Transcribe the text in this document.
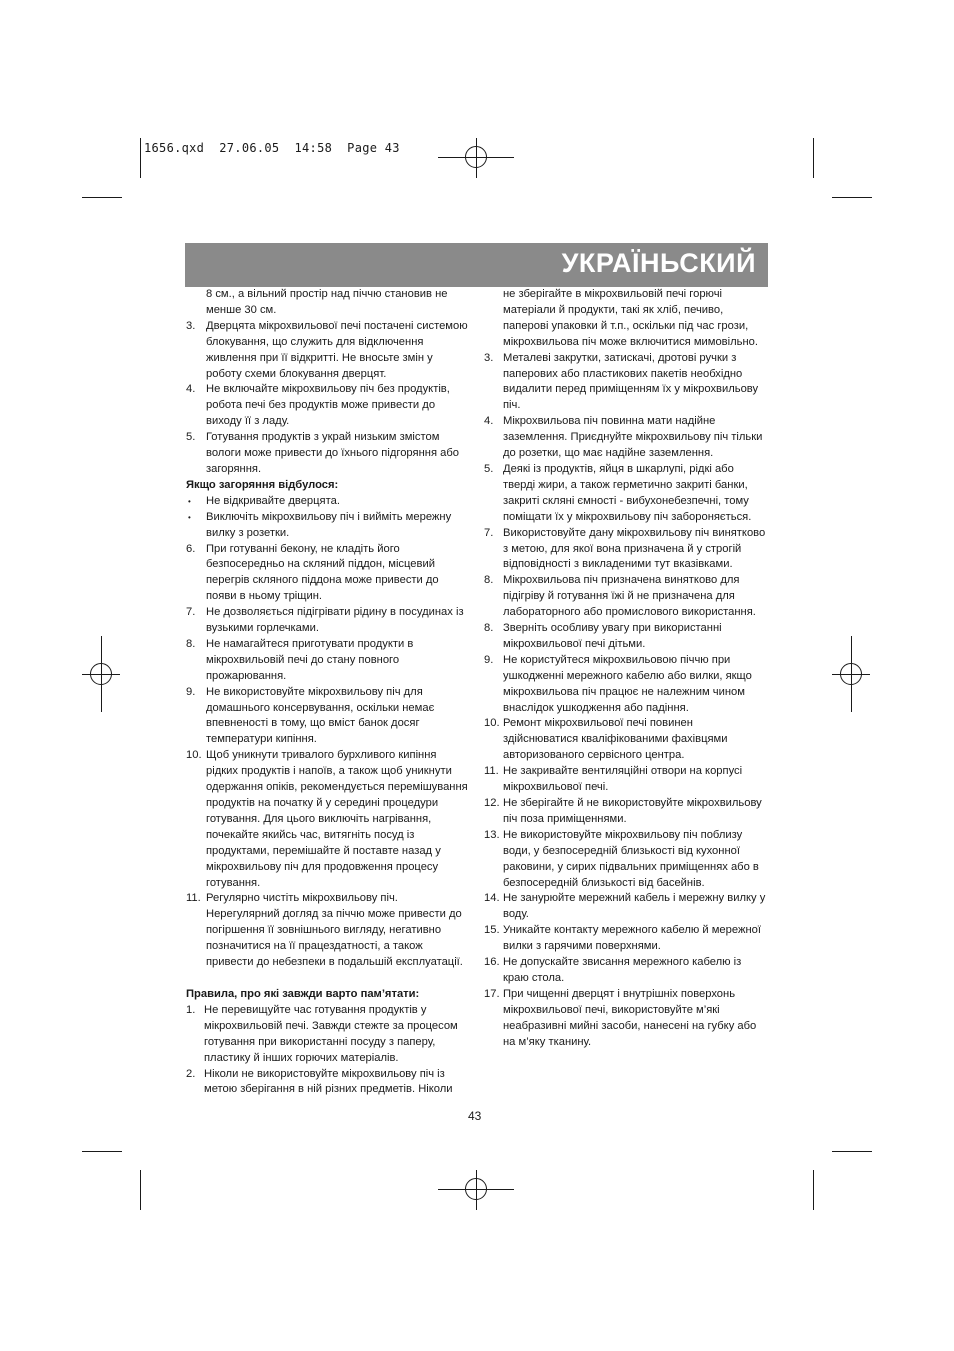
1656.qxd  27.06.05  14:58  Page 43
УКРАЇНЬСКИЙ

8 см., а вільний простір над піччю становив не менше 30 см.

3. Дверцята мікрохвильової печі постачені системою блокування, що служить для відключення живлення при її відкритті. Не вносьте змін у роботу схеми блокування дверцят.
4. Не включайте мікрохвильову піч без продуктів, робота печі без продуктів може привести до виходу її з ладу.
5. Готування продуктів з украй низьким змістом вологи може привести до їхнього підгоряння або загоряння.

Якщо загоряння відбулося:

• Не відкривайте дверцята.
• Виключіть мікрохвильову піч і вийміть мережну вилку з розетки.
6. При готуванні бекону, не кладіть його безпосередньо на скляний піддон, місцевий перегрів скляного піддона може привести до появи в ньому тріщин.
7. Не дозволяється підігрівати рідину в посудинах із вузькими горлечками.
8. Не намагайтеся приготувати продукти в мікрохвильовій печі до стану повного прожарювання.
9. Не використовуйте мікрохвильову піч для домашнього консервування, оскільки немає впевненості в тому, що вміст банок досяг температури кипіння.
10. Щоб уникнути тривалого бурхливого кипіння рідких продуктів і напоїв, а також щоб уникнути одержання опіків, рекомендується перемішування продуктів на початку й у середині процедури готування. Для цього виключіть нагрівання, почекайте якийсь час, витягніть посуд із продуктами, перемішайте й поставте назад у мікрохвильову піч для продовження процесу готування.
11. Регулярно чистіть мікрохвильову піч. Нерегулярний догляд за піччю може привести до погіршення її зовнішнього вигляду, негативно позначитися на її працездатності, а також привести до небезпеки в подальшій експлуатації.

Правила, про які завжди варто пам’ятати:

1. Не перевищуйте час готування продуктів у мікрохвильовій печі. Завжди стежте за процесом готування при використанні посуду з паперу, пластику й інших горючих матеріалів.
2. Ніколи не використовуйте мікрохвильову піч із метою зберігання в ній різних предметів. Ніколи

не зберігайте в мікрохвильовій печі горючі матеріали й продукти, такі як хліб, печиво, паперові упаковки й т.п., оскільки під час грози, мікрохвильова піч може включитися мимовільно.

3. Металеві закрутки, затискачі, дротові ручки з паперових або пластикових пакетів необхідно видалити перед приміщенням їх у мікрохвильову піч.
4. Мікрохвильова піч повинна мати надійне заземлення. Приєднуйте мікрохвильову піч тільки до розетки, що має надійне заземлення.
5. Деякі із продуктів, яйця в шкарлупі, рідкі або тверді жири, а також герметично закриті банки, закриті скляні ємності - вибухонебезпечні, тому поміщати їх у мікрохвильову піч забороняється.
7. Використовуйте дану мікрохвильову піч винятково з метою, для якої вона призначена й у строгій відповідності з викладеними тут вказівками.
8. Мікрохвильова піч призначена винятково для підігріву й готування їжі й не призначена для лабораторного або промислового використання.
8. Зверніть особливу увагу при використанні мікрохвильової печі дітьми.
9. Не користуйтеся мікрохвильовою піччю при ушкодженні мережного кабелю або вилки, якщо мікрохвильова піч працює не належним чином внаслідок ушкодження або падіння.
10. Ремонт мікрохвильової печі повинен здійснюватися кваліфікованими фахівцями авторизованого сервісного центра.
11. Не закривайте вентиляційні отвори на корпусі мікрохвильової печі.
12. Не зберігайте й не використовуйте мікрохвильову піч поза приміщеннями.
13. Не використовуйте мікрохвильову піч поблизу води, у безпосередній близькості від кухонної раковини, у сирих підвальних приміщеннях або в безпосередній близькості від басейнів.
14. Не занурюйте мережний кабель і мережну вилку у воду.
15. Уникайте контакту мережного кабелю й мережної вилки з гарячими поверхнями.
16. Не допускайте звисання мережного кабелю із краю стола.
17. При чищенні дверцят і внутрішніх поверхонь мікрохвильової печі, використовуйте м’які неабразивні мийні засоби, нанесені на губку або на м’яку тканину.
43
